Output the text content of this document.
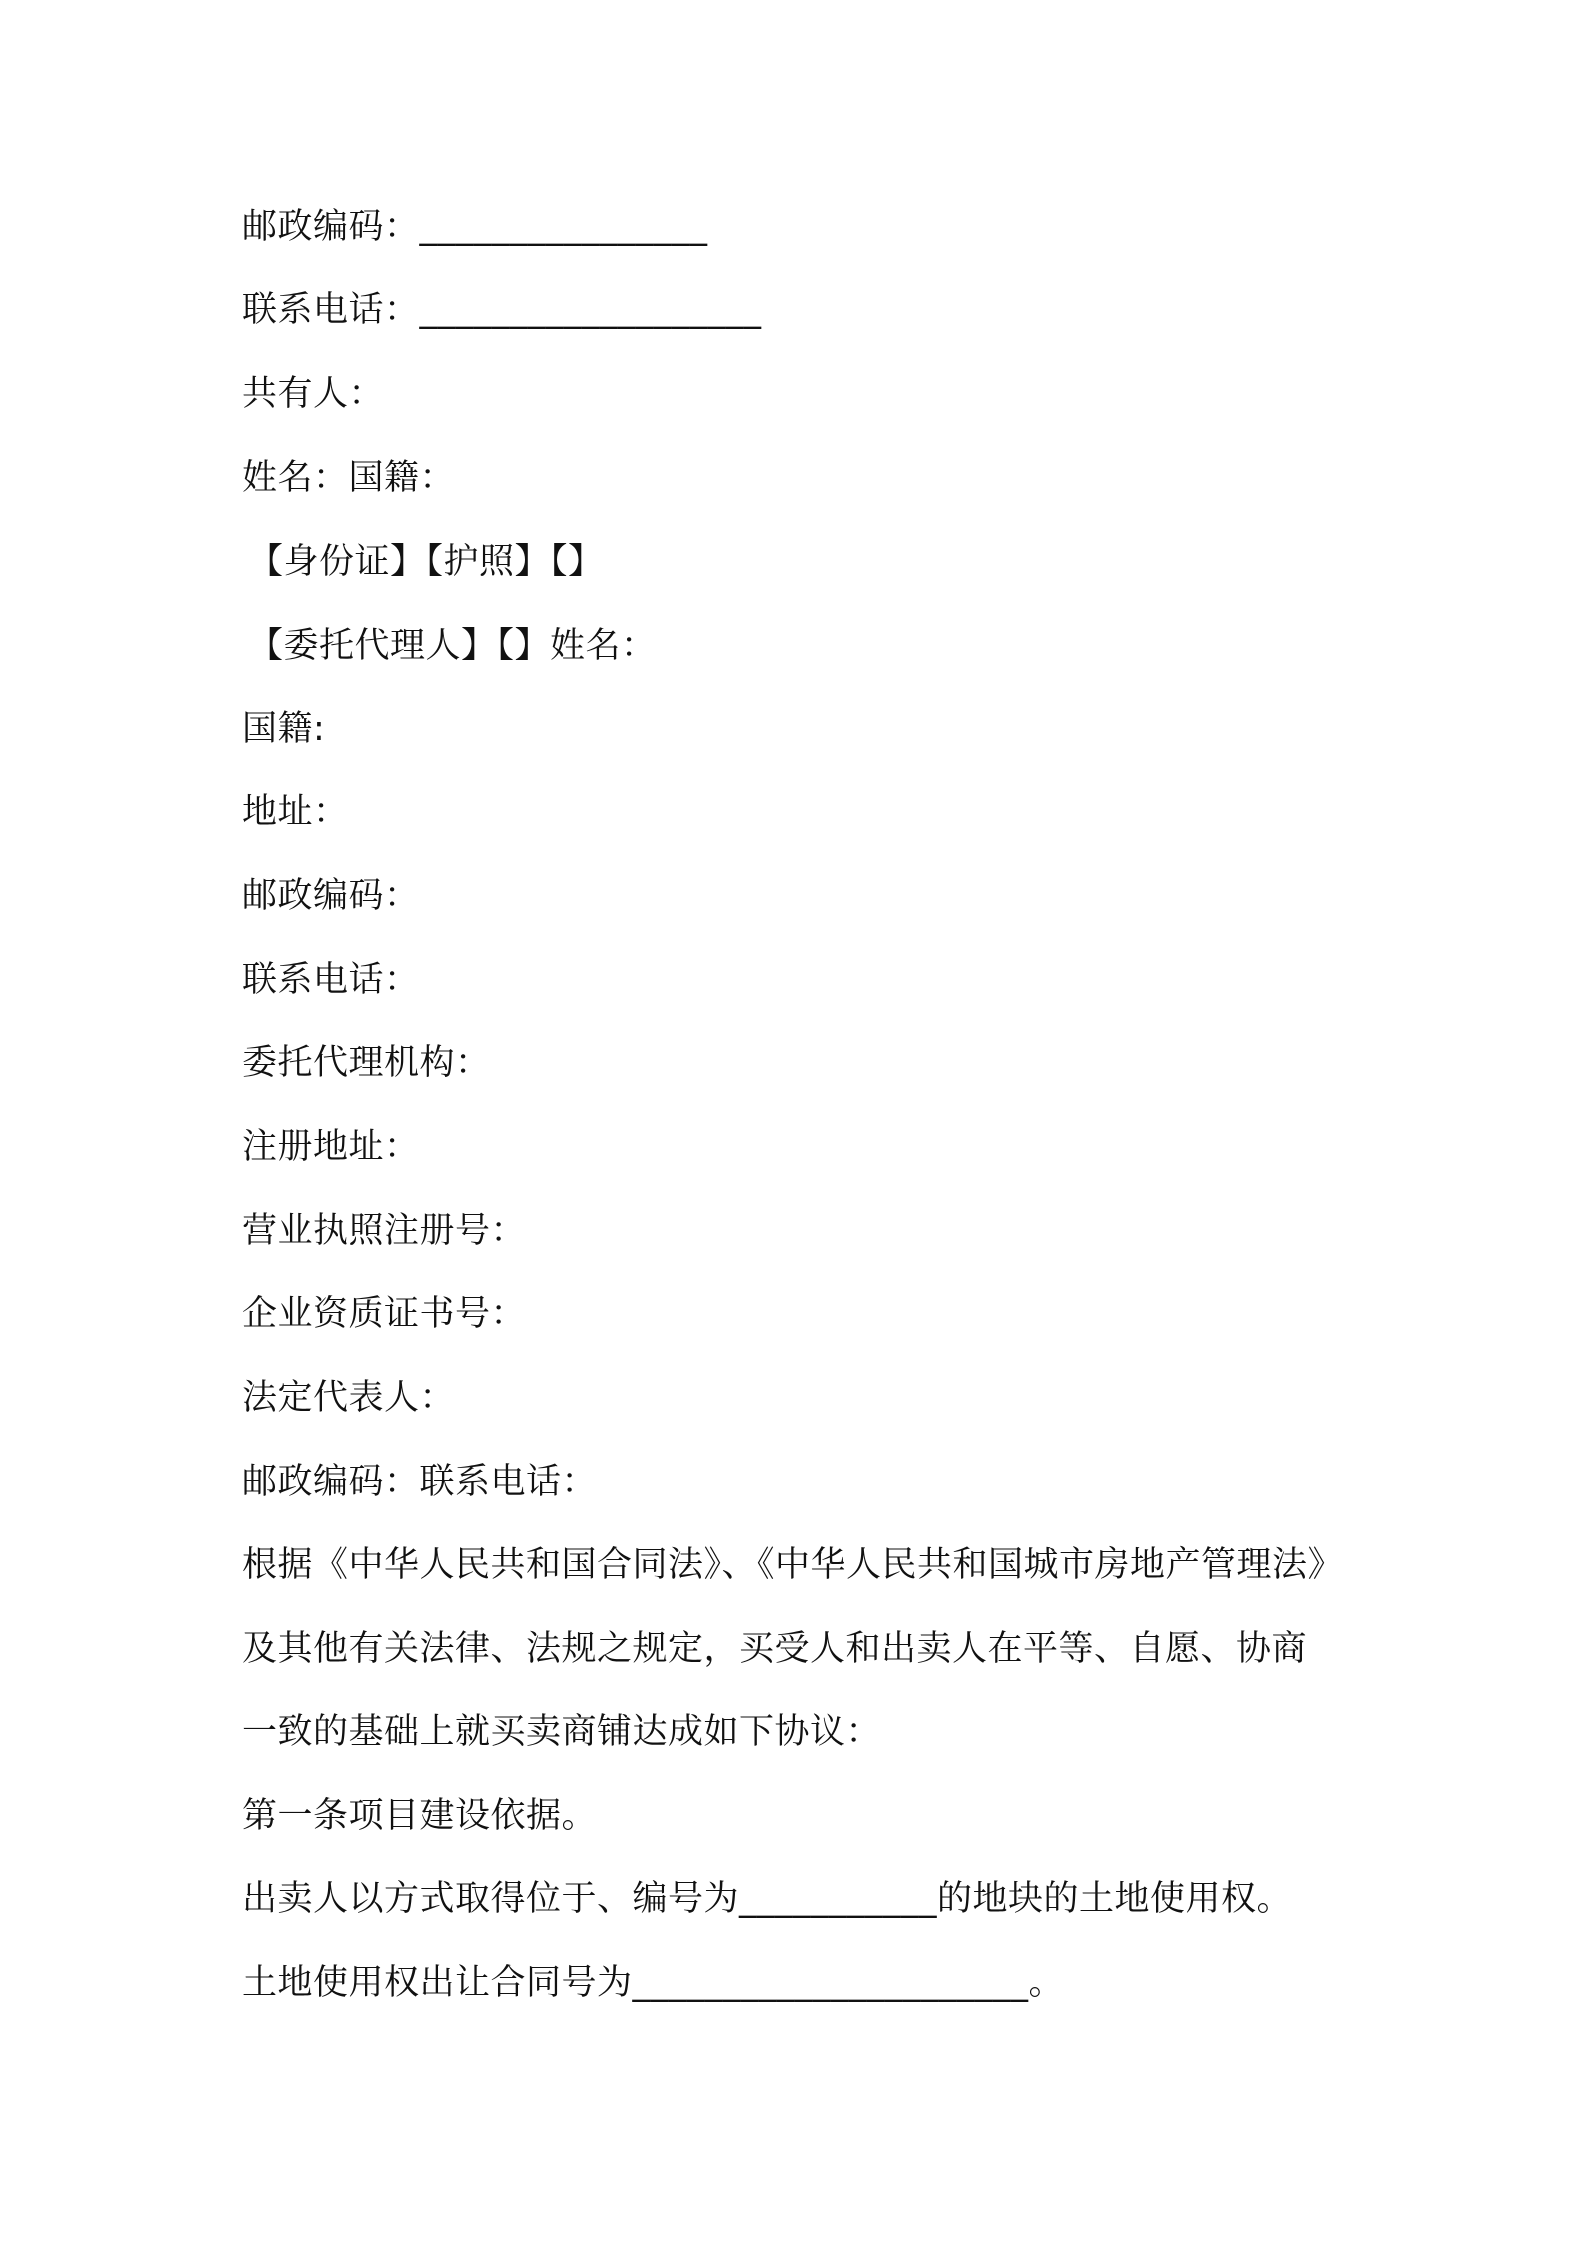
邮政编码：________________
联系电话：___________________
共有人：
姓名：国籍：
【身份证】【护照】【】
【委托代理人】【】姓名：
国籍:
地址：
邮政编码：
联系电话：
委托代理机构：
注册地址：
营业执照注册号：
企业资质证书号：
法定代表人：
邮政编码：联系电话：
根据《中华人民共和国合同法》、《中华人民共和国城市房地产管理法》
及其他有关法律、法规之规定，买受人和出卖人在平等、自愿、协商
一致的基础上就买卖商铺达成如下协议：
第一条项目建设依据。
出卖人以方式取得位于、编号为___________的地块的土地使用权。
土地使用权出让合同号为______________________。
